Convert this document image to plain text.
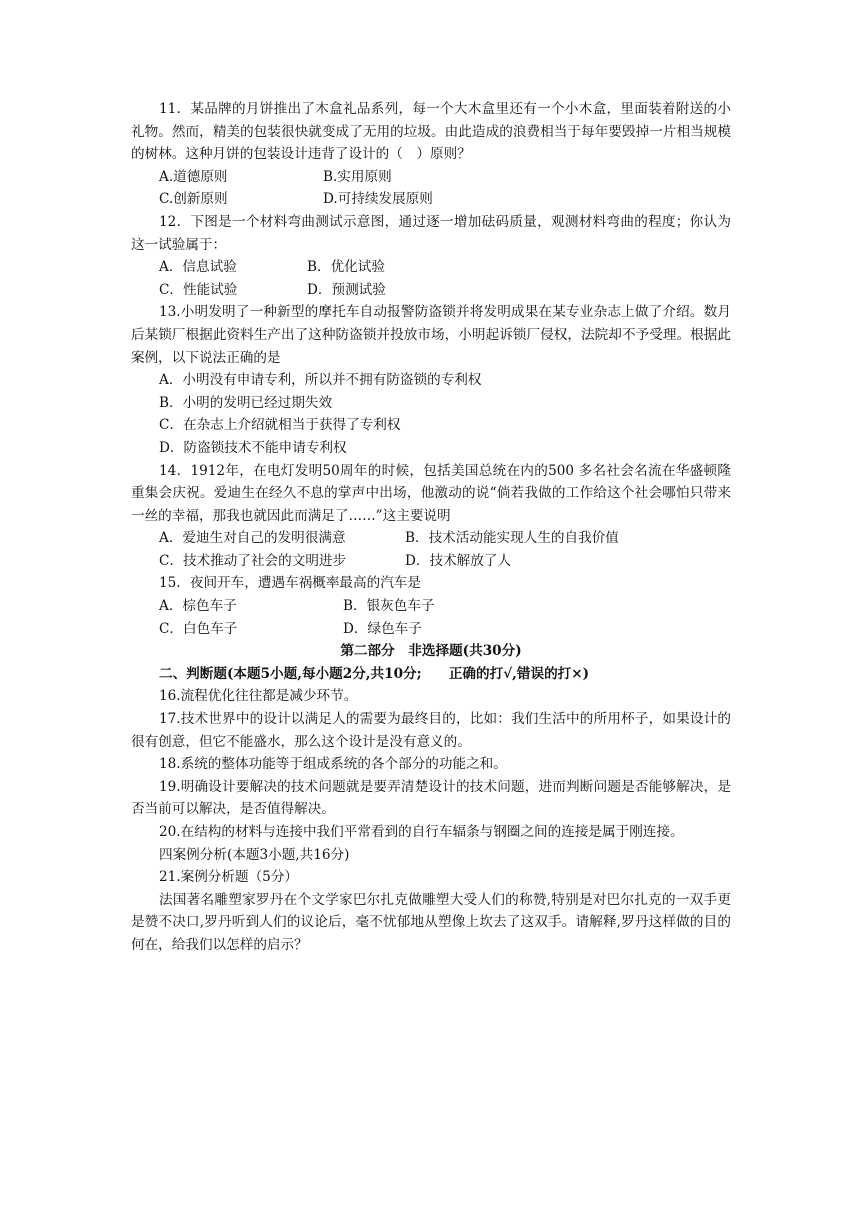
11．某品牌的月饼推出了木盒礼品系列，每一个大木盒里还有一个小木盒，里面装着附送的小礼物。然而，精美的包装很快就变成了无用的垃圾。由此造成的浪费相当于每年要毁掉一片相当规模的树林。这种月饼的包装设计违背了设计的（　）原则？

A.道德原则	B.实用原则
C.创新原则	D.可持续发展原则

12．下图是一个材料弯曲测试示意图，通过逐一增加砝码质量，观测材料弯曲的程度；你认为这一试验属于：

A．信息试验	B．优化试验
C．性能试验	D．预测试验

13.小明发明了一种新型的摩托车自动报警防盗锁并将发明成果在某专业杂志上做了介绍。数月后某锁厂根据此资料生产出了这种防盗锁并投放市场，小明起诉锁厂侵权，法院却不予受理。根据此案例，以下说法正确的是

A．小明没有申请专利，所以并不拥有防盗锁的专利权

B．小明的发明已经过期失效

C．在杂志上介绍就相当于获得了专利权

D．防盗锁技术不能申请专利权

14．1912年，在电灯发明50周年的时候，包括美国总统在内的500 多名社会名流在华盛顿隆重集会庆祝。爱迪生在经久不息的掌声中出场，他激动的说“倘若我做的工作给这个社会哪怕只带来一丝的幸福，那我也就因此而满足了……”这主要说明

A．爱迪生对自己的发明很满意	B．技术活动能实现人生的自我价值
C．技术推动了社会的文明进步	D．技术解放了人

15．夜间开车，遭遇车祸概率最高的汽车是

A．棕色车子	B．银灰色车子
C．白色车子	D．绿色车子

第二部分　非选择题(共30分)

二、判断题(本题5小题,每小题2分,共10分;　　正确的打√,错误的打×)

16.流程优化往往都是减少环节。

17.技术世界中的设计以满足人的需要为最终目的，比如：我们生活中的所用杯子，如果设计的很有创意，但它不能盛水，那么这个设计是没有意义的。

18.系统的整体功能等于组成系统的各个部分的功能之和。

19.明确设计要解决的技术问题就是要弄清楚设计的技术问题，进而判断问题是否能够解决，是否当前可以解决，是否值得解决。

20.在结构的材料与连接中我们平常看到的自行车辐条与钢圈之间的连接是属于刚连接。

四案例分析(本题3小题,共16分)

21.案例分析题（5分）

法国著名雕塑家罗丹在个文学家巴尔扎克做雕塑大受人们的称赞,特别是对巴尔扎克的一双手更是赞不决口,罗丹听到人们的议论后，毫不忧郁地从塑像上坎去了这双手。请解释,罗丹这样做的目的何在，给我们以怎样的启示？
